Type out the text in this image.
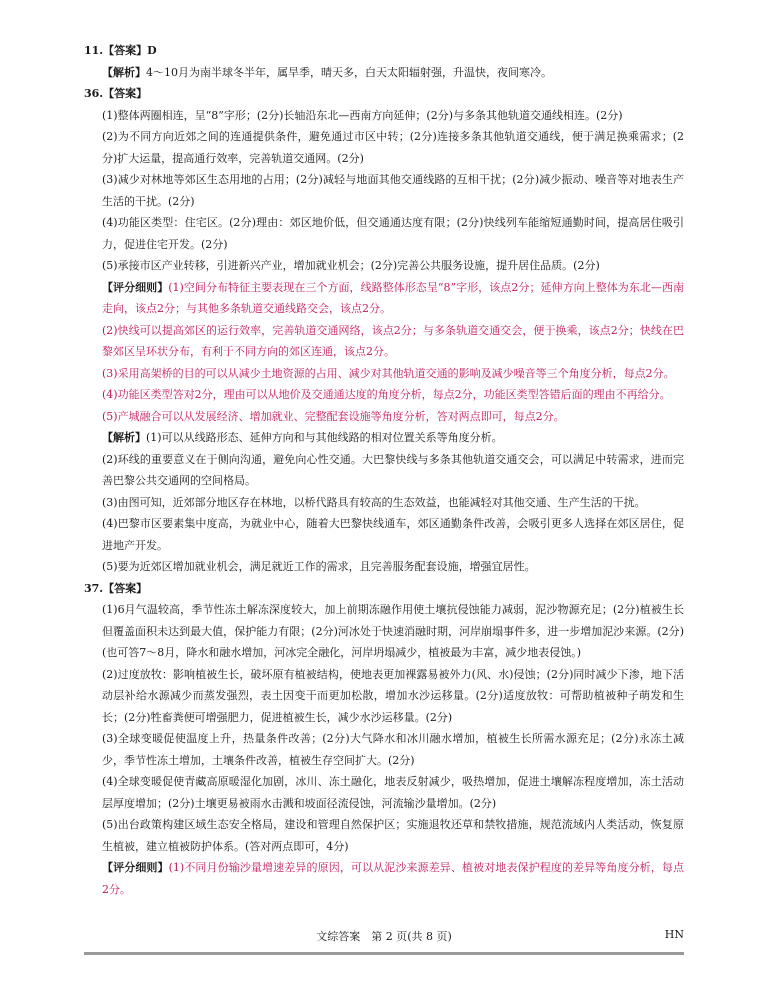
11.【答案】D

【解析】4～10月为南半球冬半年，属旱季，晴天多，白天太阳辐射强，升温快，夜间寒冷。

36.【答案】

(1)整体两圈相连，呈“8”字形；(2分)长轴沿东北—西南方向延伸；(2分)与多条其他轨道交通线相连。(2分)

(2)为不同方向近郊之间的连通提供条件，避免通过市区中转；(2分)连接多条其他轨道交通线，便于满足换乘需求；(2分)扩大运量，提高通行效率，完善轨道交通网。(2分)

(3)减少对林地等郊区生态用地的占用；(2分)减轻与地面其他交通线路的互相干扰；(2分)减少振动、噪音等对地表生产生活的干扰。(2分)

(4)功能区类型：住宅区。(2分)理由：郊区地价低，但交通通达度有限；(2分)快线列车能缩短通勤时间，提高居住吸引力，促进住宅开发。(2分)

(5)承接市区产业转移，引进新兴产业，增加就业机会；(2分)完善公共服务设施，提升居住品质。(2分)

【评分细则】(1)空间分布特征主要表现在三个方面，线路整体形态呈“8”字形，该点2分；延伸方向上整体为东北—西南走向，该点2分；与其他多条轨道交通线路交会，该点2分。

(2)快线可以提高郊区的运行效率，完善轨道交通网络，该点2分；与多条轨道交通交会，便于换乘，该点2分；快线在巴黎郊区呈环状分布，有利于不同方向的郊区连通，该点2分。

(3)采用高架桥的目的可以从减少土地资源的占用、减少对其他轨道交通的影响及减少噪音等三个角度分析，每点2分。

(4)功能区类型答对2分，理由可以从地价及交通通达度的角度分析，每点2分，功能区类型答错后面的理由不再给分。

(5)产城融合可以从发展经济、增加就业、完整配套设施等角度分析，答对两点即可，每点2分。

【解析】(1)可以从线路形态、延伸方向和与其他线路的相对位置关系等角度分析。

(2)环线的重要意义在于侧向沟通，避免向心性交通。大巴黎快线与多条其他轨道交通交会，可以满足中转需求，进而完善巴黎公共交通网的空间格局。

(3)由图可知，近郊部分地区存在林地，以桥代路具有较高的生态效益，也能减轻对其他交通、生产生活的干扰。

(4)巴黎市区要素集中度高，为就业中心，随着大巴黎快线通车，郊区通勤条件改善，会吸引更多人选择在郊区居住，促进地产开发。

(5)要为近郊区增加就业机会，满足就近工作的需求，且完善服务配套设施，增强宜居性。

37.【答案】

(1)6月气温较高，季节性冻土解冻深度较大，加上前期冻融作用使土壤抗侵蚀能力减弱，泥沙物源充足；(2分)植被生长但覆盖面积未达到最大值，保护能力有限；(2分)河冰处于快速消融时期，河岸崩塌事件多，进一步增加泥沙来源。(2分)(也可答7～8月，降水和融水增加，河冰完全融化，河岸坍塌减少，植被最为丰富，减少地表侵蚀。)

(2)过度放牧：影响植被生长，破坏原有植被结构，使地表更加裸露易被外力(风、水)侵蚀；(2分)同时减少下渗，地下活动层补给水源减少而蒸发强烈，表土因变干而更加松散，增加水沙运移量。(2分)适度放牧：可帮助植被种子萌发和生长；(2分)牲畜粪便可增强肥力，促进植被生长，减少水沙运移量。(2分)

(3)全球变暖促使温度上升，热量条件改善；(2分)大气降水和冰川融水增加，植被生长所需水源充足；(2分)永冻土减少，季节性冻土增加，土壤条件改善，植被生存空间扩大。(2分)

(4)全球变暖促使青藏高原暖湿化加剧，冰川、冻土融化，地表反射减少，吸热增加，促进土壤解冻程度增加，冻土活动层厚度增加；(2分)土壤更易被雨水击溅和坡面径流侵蚀，河流输沙量增加。(2分)

(5)出台政策构建区域生态安全格局，建设和管理自然保护区；实施退牧还草和禁牧措施，规范流域内人类活动，恢复原生植被，建立植被防护体系。(答对两点即可，4分)

【评分细则】(1)不同月份输沙量增速差异的原因，可以从泥沙来源差异、植被对地表保护程度的差异等角度分析，每点2分。

文综答案　第 2 页(共 8 页)	HN
